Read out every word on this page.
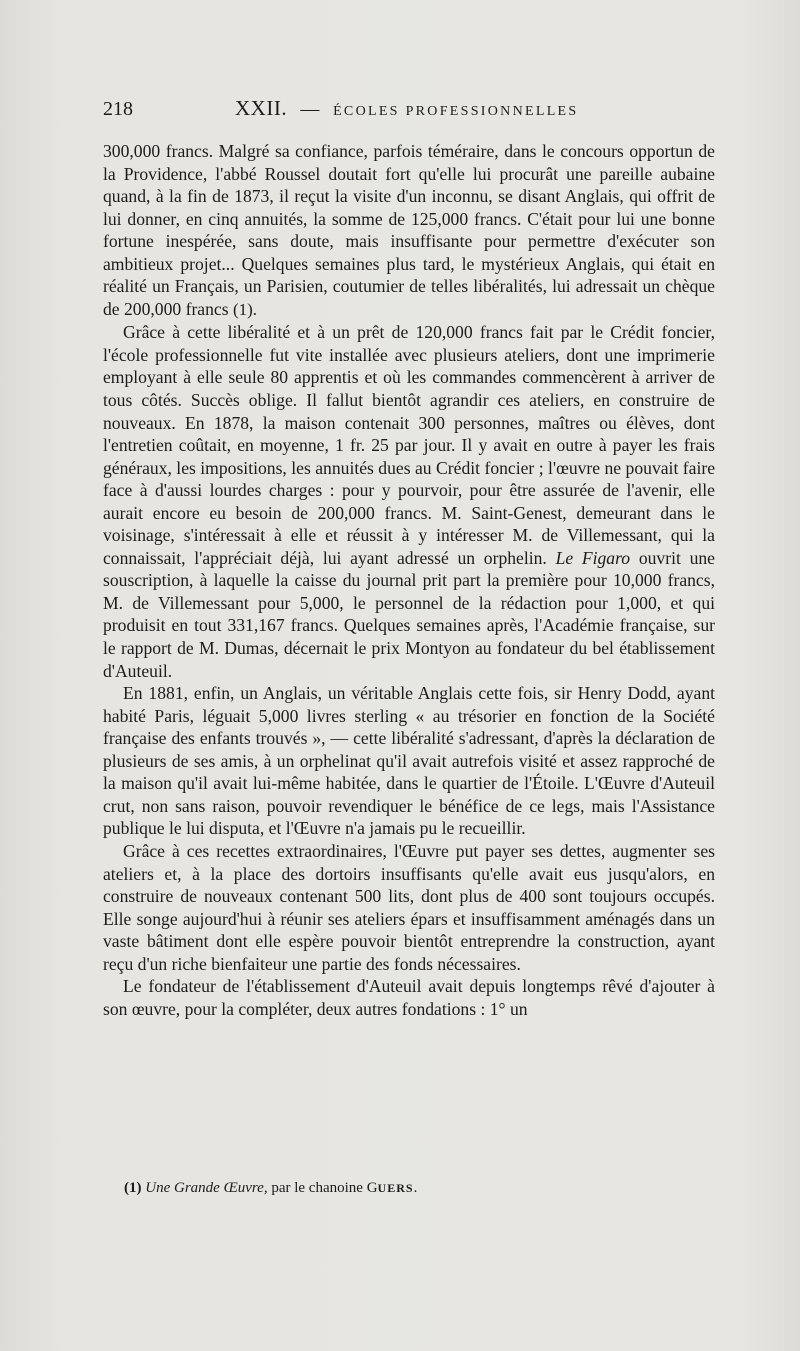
218	XXII. — ÉCOLES PROFESSIONNELLES

300,000 francs. Malgré sa confiance, parfois téméraire, dans le concours opportun de la Providence, l'abbé Roussel doutait fort qu'elle lui procurât une pareille aubaine quand, à la fin de 1873, il reçut la visite d'un inconnu, se disant Anglais, qui offrit de lui donner, en cinq annuités, la somme de 125,000 francs. C'était pour lui une bonne fortune inespérée, sans doute, mais insuffisante pour permettre d'exécuter son ambitieux projet... Quelques semaines plus tard, le mystérieux Anglais, qui était en réalité un Français, un Parisien, coutumier de telles libéralités, lui adressait un chèque de 200,000 francs (1).

Grâce à cette libéralité et à un prêt de 120,000 francs fait par le Crédit foncier, l'école professionnelle fut vite installée avec plusieurs ateliers, dont une imprimerie employant à elle seule 80 apprentis et où les commandes commencèrent à arriver de tous côtés. Succès oblige. Il fallut bientôt agrandir ces ateliers, en construire de nouveaux. En 1878, la maison contenait 300 personnes, maîtres ou élèves, dont l'entretien coûtait, en moyenne, 1 fr. 25 par jour. Il y avait en outre à payer les frais généraux, les impositions, les annuités dues au Crédit foncier ; l'œuvre ne pouvait faire face à d'aussi lourdes charges : pour y pourvoir, pour être assurée de l'avenir, elle aurait encore eu besoin de 200,000 francs. M. Saint-Genest, demeurant dans le voisinage, s'intéressait à elle et réussit à y intéresser M. de Villemessant, qui la connaissait, l'appréciait déjà, lui ayant adressé un orphelin. Le Figaro ouvrit une souscription, à laquelle la caisse du journal prit part la première pour 10,000 francs, M. de Villemessant pour 5,000, le personnel de la rédaction pour 1,000, et qui produisit en tout 331,167 francs. Quelques semaines après, l'Académie française, sur le rapport de M. Dumas, décernait le prix Montyon au fondateur du bel établissement d'Auteuil.

En 1881, enfin, un Anglais, un véritable Anglais cette fois, sir Henry Dodd, ayant habité Paris, léguait 5,000 livres sterling « au trésorier en fonction de la Société française des enfants trouvés », — cette libéralité s'adressant, d'après la déclaration de plusieurs de ses amis, à un orphelinat qu'il avait autrefois visité et assez rapproché de la maison qu'il avait lui-même habitée, dans le quartier de l'Étoile. L'Œuvre d'Auteuil crut, non sans raison, pouvoir revendiquer le bénéfice de ce legs, mais l'Assistance publique le lui disputa, et l'Œuvre n'a jamais pu le recueillir.

Grâce à ces recettes extraordinaires, l'Œuvre put payer ses dettes, augmenter ses ateliers et, à la place des dortoirs insuffisants qu'elle avait eus jusqu'alors, en construire de nouveaux contenant 500 lits, dont plus de 400 sont toujours occupés. Elle songe aujourd'hui à réunir ses ateliers épars et insuffisamment aménagés dans un vaste bâtiment dont elle espère pouvoir bientôt entreprendre la construction, ayant reçu d'un riche bienfaiteur une partie des fonds nécessaires.

Le fondateur de l'établissement d'Auteuil avait depuis longtemps rêvé d'ajouter à son œuvre, pour la compléter, deux autres fondations : 1° un

(1) Une Grande Œuvre, par le chanoine GUERS.
